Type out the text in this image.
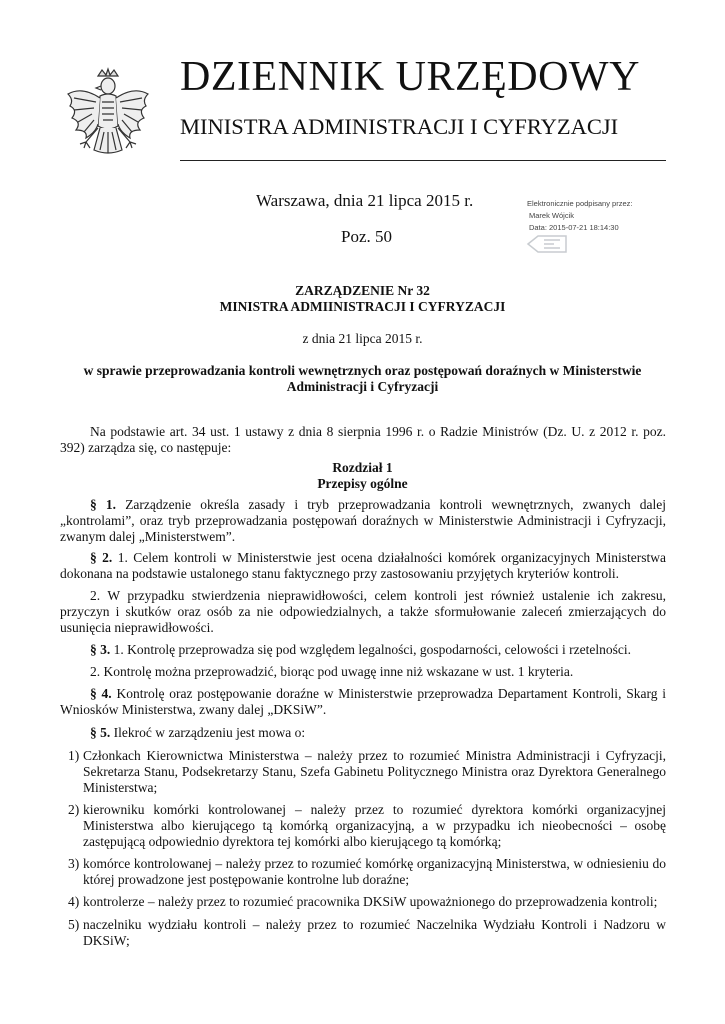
DZIENNIK URZĘDOWY
MINISTRA ADMINISTRACJI I CYFRYZACJI
Warszawa, dnia 21 lipca 2015 r.
Poz. 50
Elektronicznie podpisany przez:
Marek Wójcik
Data: 2015-07-21 18:14:30
ZARZĄDZENIE Nr 32
MINISTRA ADMIINISTRACJI I CYFRYZACJI
z dnia 21 lipca 2015 r.
w sprawie przeprowadzania kontroli wewnętrznych oraz postępowań doraźnych w Ministerstwie
Administracji i Cyfryzacji
Na podstawie art. 34 ust. 1 ustawy z dnia 8 sierpnia 1996 r. o Radzie Ministrów (Dz. U. z 2012 r. poz. 392) zarządza się, co następuje:
Rozdział 1
Przepisy ogólne
§ 1. Zarządzenie określa zasady i tryb przeprowadzania kontroli wewnętrznych, zwanych dalej „kontrolami”, oraz tryb przeprowadzania postępowań doraźnych w Ministerstwie Administracji i Cyfryzacji, zwanym dalej „Ministerstwem”.
§ 2. 1. Celem kontroli w Ministerstwie jest ocena działalności komórek organizacyjnych Ministerstwa dokonana na podstawie ustalonego stanu faktycznego przy zastosowaniu przyjętych kryteriów kontroli.
2. W przypadku stwierdzenia nieprawidłowości, celem kontroli jest również ustalenie ich zakresu, przyczyn i skutków oraz osób za nie odpowiedzialnych, a także sformułowanie zaleceń zmierzających do usunięcia nieprawidłowości.
§ 3. 1. Kontrolę przeprowadza się pod względem legalności, gospodarności, celowości i rzetelności.
2. Kontrolę można przeprowadzić, biorąc pod uwagę inne niż wskazane w ust. 1 kryteria.
§ 4. Kontrolę oraz postępowanie doraźne w Ministerstwie przeprowadza Departament Kontroli, Skarg i Wniosków Ministerstwa, zwany dalej „DKSiW”.
§ 5. Ilekroć w zarządzeniu jest mowa o:
1) Członkach Kierownictwa Ministerstwa – należy przez to rozumieć Ministra Administracji i Cyfryzacji, Sekretarza Stanu, Podsekretarzy Stanu, Szefa Gabinetu Politycznego Ministra oraz Dyrektora Generalnego Ministerstwa;
2) kierowniku komórki kontrolowanej – należy przez to rozumieć dyrektora komórki organizacyjnej Ministerstwa albo kierującego tą komórką organizacyjną, a w przypadku ich nieobecności – osobę zastępującą odpowiednio dyrektora tej komórki albo kierującego tą komórką;
3) komórce kontrolowanej – należy przez to rozumieć komórkę organizacyjną Ministerstwa, w odniesieniu do której prowadzone jest postępowanie kontrolne lub doraźne;
4) kontrolerze – należy przez to rozumieć pracownika DKSiW upoważnionego do przeprowadzenia kontroli;
5) naczelniku wydziału kontroli – należy przez to rozumieć Naczelnika Wydziału Kontroli i Nadzoru w DKSiW;
